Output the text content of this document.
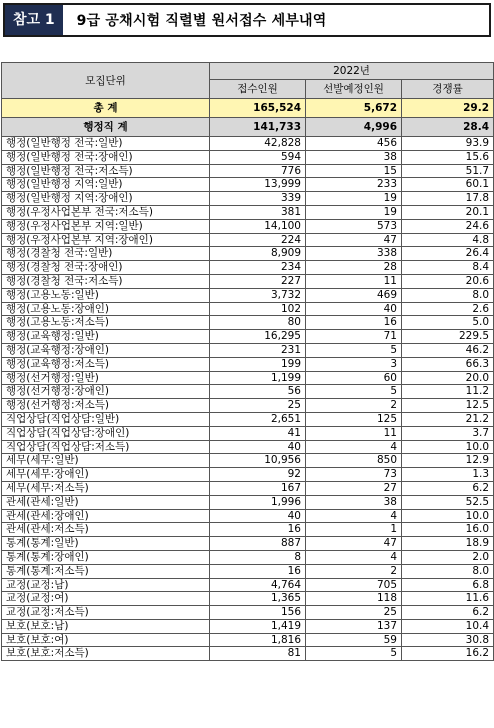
참고 1	9급 공채시험 직렬별 원서접수 세부내역
모집단위	2022년		
	접수인원	선발예정인원	경쟁률
총 계	165,524	5,672	29.2
행정직 계	141,733	4,996	28.4
행정(일반행정 전국:일반)	42,828	456	93.9
행정(일반행정 전국:장애인)	594	38	15.6
행정(일반행정 전국:저소득)	776	15	51.7
행정(일반행정 지역:일반)	13,999	233	60.1
행정(일반행정 지역:장애인)	339	19	17.8
행정(우정사업본부 전국:저소득)	381	19	20.1
행정(우정사업본부 지역:일반)	14,100	573	24.6
행정(우정사업본부 지역:장애인)	224	47	4.8
행정(경찰청 전국:일반)	8,909	338	26.4
행정(경찰청 전국:장애인)	234	28	8.4
행정(경찰청 전국:저소득)	227	11	20.6
행정(고용노동:일반)	3,732	469	8.0
행정(고용노동:장애인)	102	40	2.6
행정(고용노동:저소득)	80	16	5.0
행정(교육행정:일반)	16,295	71	229.5
행정(교육행정:장애인)	231	5	46.2
행정(교육행정:저소득)	199	3	66.3
행정(선거행정:일반)	1,199	60	20.0
행정(선거행정:장애인)	56	5	11.2
행정(선거행정:저소득)	25	2	12.5
직업상담(직업상담:일반)	2,651	125	21.2
직업상담(직업상담:장애인)	41	11	3.7
직업상담(직업상담:저소득)	40	4	10.0
세무(세무:일반)	10,956	850	12.9
세무(세무:장애인)	92	73	1.3
세무(세무:저소득)	167	27	6.2
관세(관세:일반)	1,996	38	52.5
관세(관세:장애인)	40	4	10.0
관세(관세:저소득)	16	1	16.0
통계(통계:일반)	887	47	18.9
통계(통계:장애인)	8	4	2.0
통계(통계:저소득)	16	2	8.0
교정(교정:남)	4,764	705	6.8
교정(교정:여)	1,365	118	11.6
교정(교정:저소득)	156	25	6.2
보호(보호:남)	1,419	137	10.4
보호(보호:여)	1,816	59	30.8
보호(보호:저소득)	81	5	16.2
